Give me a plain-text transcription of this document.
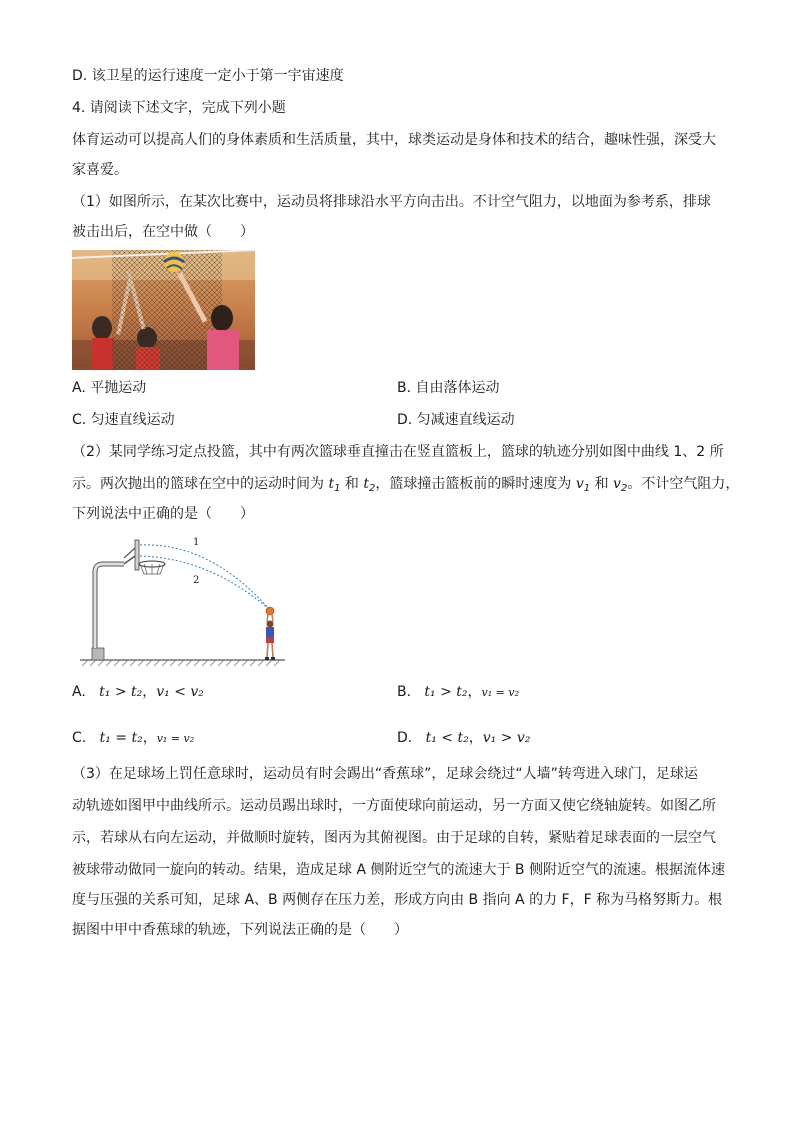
D. 该卫星的运行速度一定小于第一宇宙速度
4. 请阅读下述文字，完成下列小题
体育运动可以提高人们的身体素质和生活质量，其中，球类运动是身体和技术的结合，趣味性强，深受大
家喜爱。
（1）如图所示，在某次比赛中，运动员将排球沿水平方向击出。不计空气阻力，以地面为参考系，排球
被击出后，在空中做（　　）
A. 平抛运动	B. 自由落体运动
C. 匀速直线运动	D. 匀减速直线运动
（2）某同学练习定点投篮，其中有两次篮球垂直撞击在竖直篮板上，篮球的轨迹分别如图中曲线 1、2 所
示。两次抛出的篮球在空中的运动时间为 $t_1$ 和 $t_2$，篮球撞击篮板前的瞬时速度为 $v_1$ 和 $v_2$。不计空气阻力，
下列说法中正确的是（　　）
1
2
A. t₁ > t₂，v₁ < v₂	B. t₁ > t₂，v₁ = v₂
C. t₁ = t₂，v₁ = v₂	D. t₁ < t₂，v₁ > v₂
（3）在足球场上罚任意球时，运动员有时会踢出“香蕉球”，足球会绕过“人墙”转弯进入球门，足球运
动轨迹如图甲中曲线所示。运动员踢出球时，一方面使球向前运动，另一方面又使它绕轴旋转。如图乙所
示，若球从右向左运动，并做顺时旋转，图丙为其俯视图。由于足球的自转，紧贴着足球表面的一层空气
被球带动做同一旋向的转动。结果，造成足球 A 侧附近空气的流速大于 B 侧附近空气的流速。根据流体速
度与压强的关系可知，足球 A、B 两侧存在压力差，形成方向由 B 指向 A 的力 F，F 称为马格努斯力。根
据图中甲中香蕉球的轨迹，下列说法正确的是（　　）
